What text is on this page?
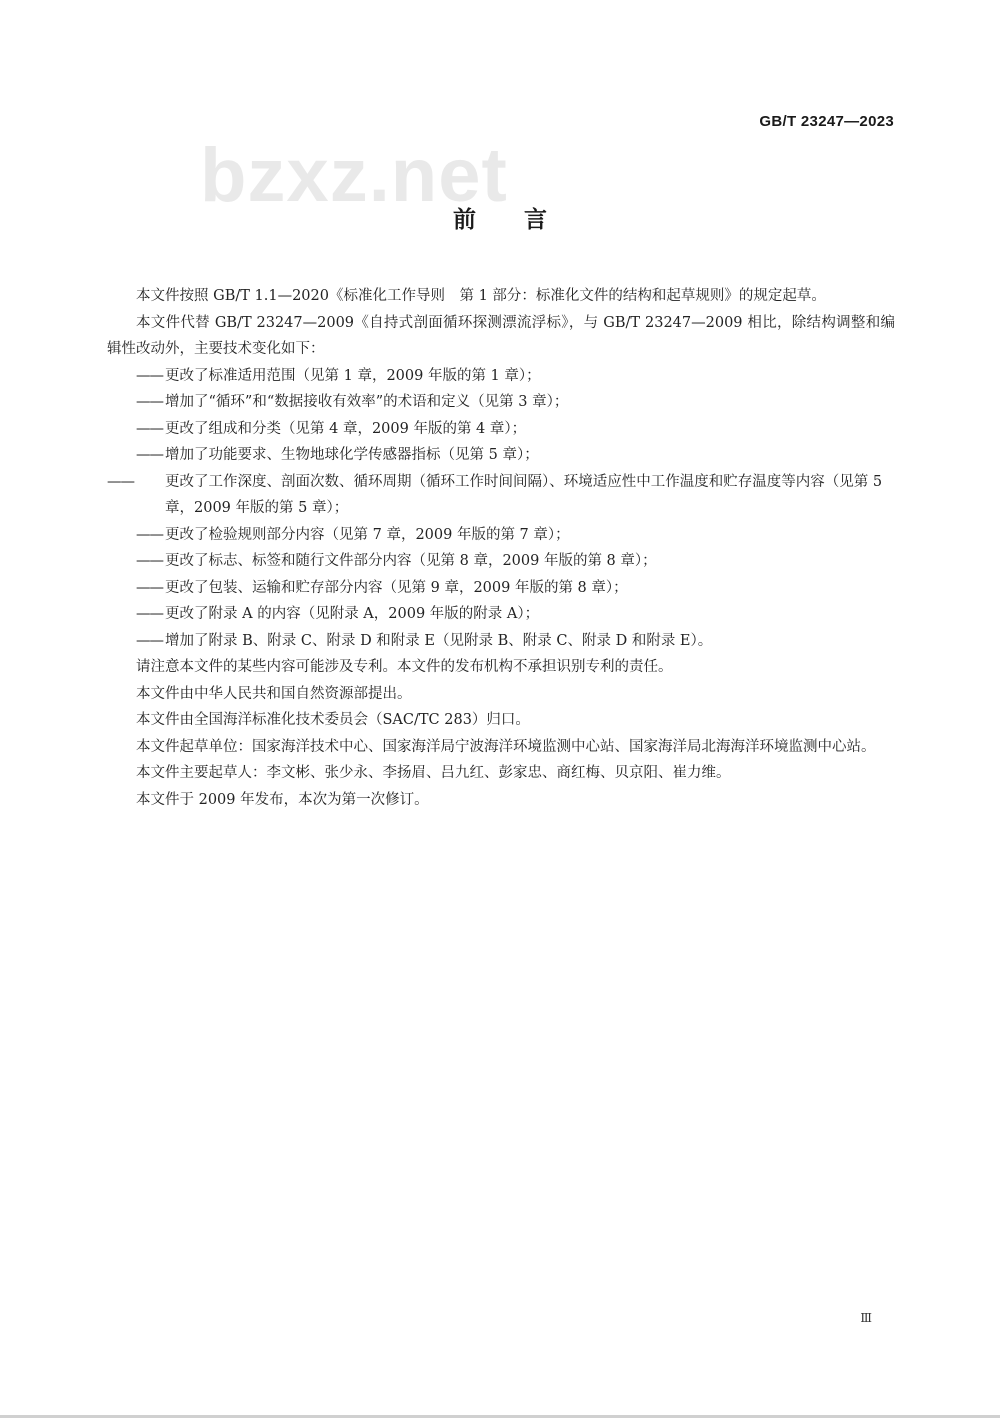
GB/T 23247—2023
bzxz.net
前言

本文件按照 GB/T 1.1—2020《标准化工作导则　第 1 部分：标准化文件的结构和起草规则》的规定起草。

本文件代替 GB/T 23247—2009《自持式剖面循环探测漂流浮标》，与 GB/T 23247—2009 相比，除结构调整和编辑性改动外，主要技术变化如下：

—— 更改了标准适用范围（见第 1 章，2009 年版的第 1 章）；

—— 增加了“循环”和“数据接收有效率”的术语和定义（见第 3 章）；

—— 更改了组成和分类（见第 4 章，2009 年版的第 4 章）；

—— 增加了功能要求、生物地球化学传感器指标（见第 5 章）；

—— 更改了工作深度、剖面次数、循环周期（循环工作时间间隔）、环境适应性中工作温度和贮存温度等内容（见第 5 章，2009 年版的第 5 章）；

—— 更改了检验规则部分内容（见第 7 章，2009 年版的第 7 章）；

—— 更改了标志、标签和随行文件部分内容（见第 8 章，2009 年版的第 8 章）；

—— 更改了包装、运输和贮存部分内容（见第 9 章，2009 年版的第 8 章）；

—— 更改了附录 A 的内容（见附录 A，2009 年版的附录 A）；

—— 增加了附录 B、附录 C、附录 D 和附录 E（见附录 B、附录 C、附录 D 和附录 E）。

请注意本文件的某些内容可能涉及专利。本文件的发布机构不承担识别专利的责任。

本文件由中华人民共和国自然资源部提出。

本文件由全国海洋标准化技术委员会（SAC/TC 283）归口。

本文件起草单位：国家海洋技术中心、国家海洋局宁波海洋环境监测中心站、国家海洋局北海海洋环境监测中心站。

本文件主要起草人：李文彬、张少永、李扬眉、吕九红、彭家忠、商红梅、贝京阳、崔力维。

本文件于 2009 年发布，本次为第一次修订。

Ⅲ
